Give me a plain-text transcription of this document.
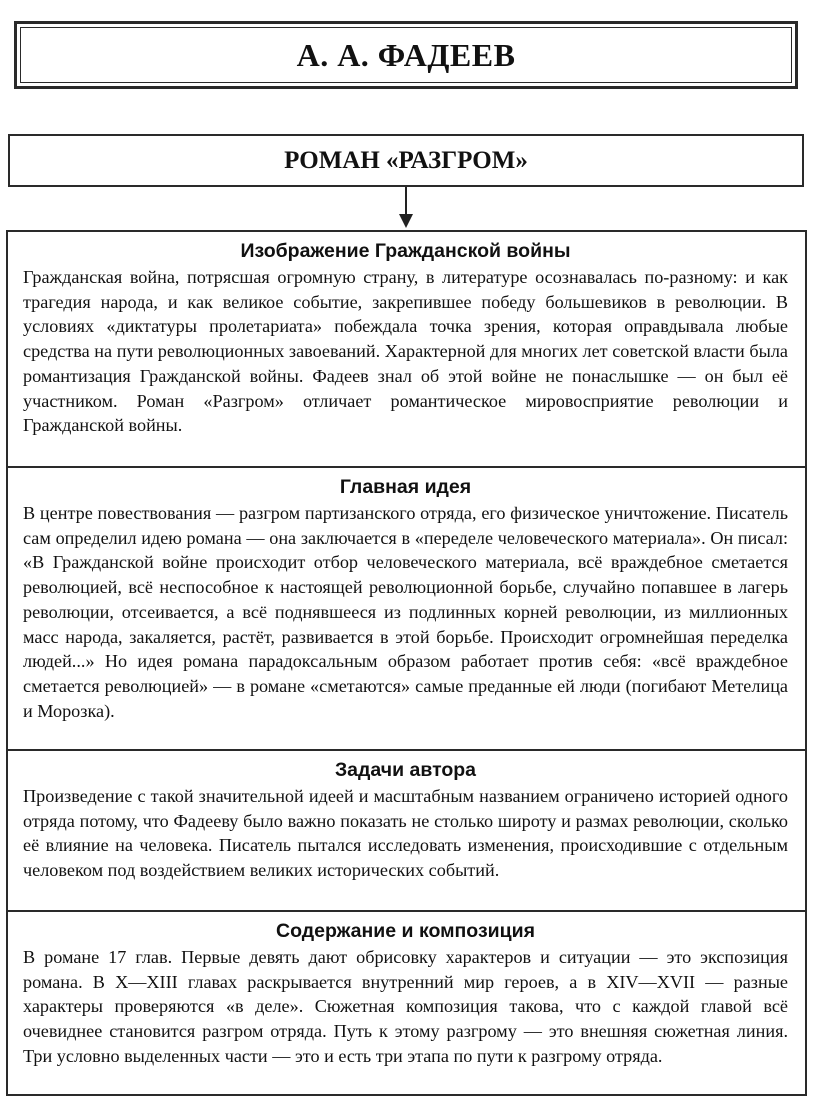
А. А. ФАДЕЕВ
РОМАН «РАЗГРОМ»
Изображение Гражданской войны

Гражданская война, потрясшая огромную страну, в литературе осознавалась по-разному: и как трагедия народа, и как великое событие, закрепившее победу большевиков в революции. В условиях «диктатуры пролетариата» побеждала точка зрения, которая оправдывала любые средства на пути революционных завоеваний. Характерной для многих лет советской власти была романтизация Гражданской войны. Фадеев знал об этой войне не понаслышке — он был её участником. Роман «Разгром» отличает романтическое мировосприятие революции и Гражданской войны.

Главная идея

В центре повествования — разгром партизанского отряда, его физическое уничтожение. Писатель сам определил идею романа — она заключается в «переделе человеческого материала». Он писал: «В Гражданской войне происходит отбор человеческого материала, всё враждебное сметается революцией, всё неспособное к настоящей революционной борьбе, случайно попавшее в лагерь революции, отсеивается, а всё поднявшееся из подлинных корней революции, из миллионных масс народа, закаляется, растёт, развивается в этой борьбе. Происходит огромнейшая переделка людей...» Но идея романа парадоксальным образом работает против себя: «всё враждебное сметается революцией» — в романе «сметаются» самые преданные ей люди (погибают Метелица и Морозка).

Задачи автора

Произведение с такой значительной идеей и масштабным названием ограничено историей одного отряда потому, что Фадееву было важно показать не столько широту и размах революции, сколько её влияние на человека. Писатель пытался исследовать изменения, происходившие с отдельным человеком под воздействием великих исторических событий.

Содержание и композиция

В романе 17 глав. Первые девять дают обрисовку характеров и ситуации — это экспозиция романа. В X—XIII главах раскрывается внутренний мир героев, а в XIV—XVII — разные характеры проверяются «в деле». Сюжетная композиция такова, что с каждой главой всё очевиднее становится разгром отряда. Путь к этому разгрому — это внешняя сюжетная линия. Три условно выделенных части — это и есть три этапа по пути к разгрому отряда.
